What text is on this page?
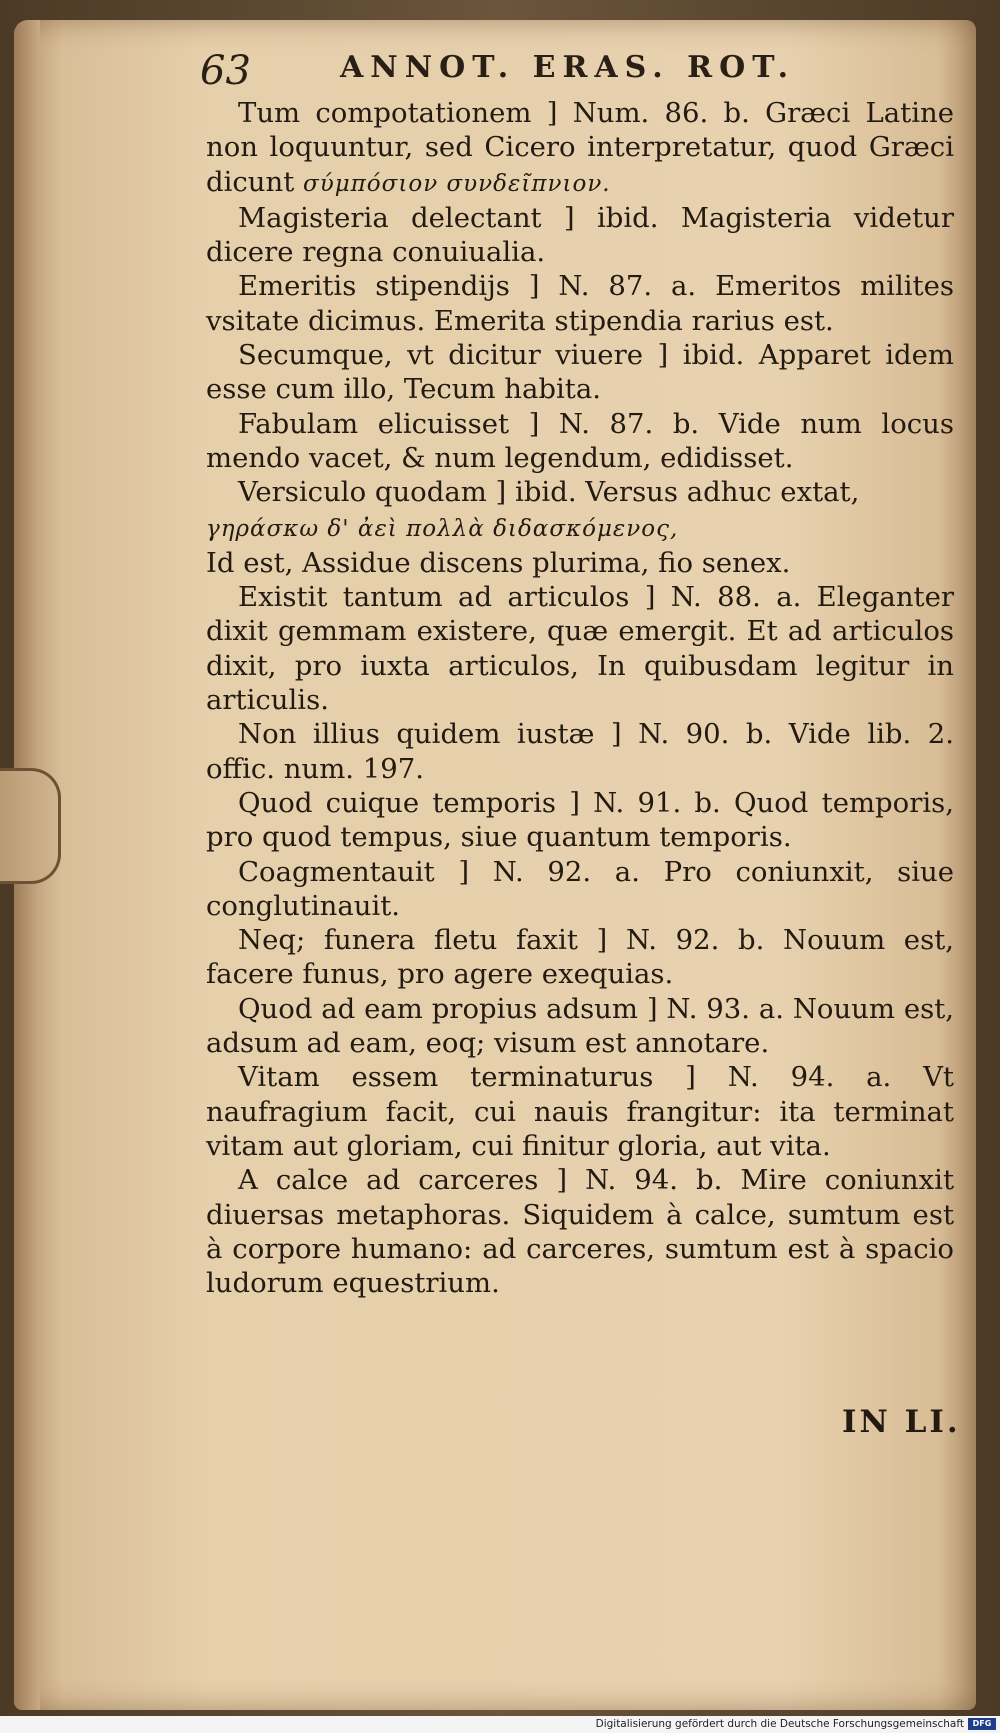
63	ANNOT. ERAS. ROT.

Tum compotationem ] Num. 86. b. Græci Latine non loquuntur, sed Cicero interpretatur, quod Græci dicunt σύμπόσιον συνδεῖπνιον.

Magisteria delectant ] ibid. Magisteria videtur dicere regna conuiualia.

Emeritis stipendijs ] N. 87. a. Emeritos milites vsitate dicimus. Emerita stipendia rarius est.

Secumque, vt dicitur viuere ] ibid. Apparet idem esse cum illo, Tecum habita.

Fabulam elicuisset ] N. 87. b. Vide num locus mendo vacet, & num legendum, edidisset.

Versiculo quodam ] ibid. Versus adhuc extat,
γηράσκω δ' ἀεὶ πολλὰ διδασκόμενος,

Id est, Assidue discens plurima, fio senex.

Existit tantum ad articulos ] N. 88. a. Eleganter dixit gemmam existere, quæ emergit. Et ad articulos dixit, pro iuxta articulos, In quibusdam legitur in articulis.

Non illius quidem iustæ ] N. 90. b. Vide lib. 2. offic. num. 197.

Quod cuique temporis ] N. 91. b. Quod temporis, pro quod tempus, siue quantum temporis.

Coagmentauit ] N. 92. a. Pro coniunxit, siue conglutinauit.

Neq; funera fletu faxit ] N. 92. b. Nouum est, facere funus, pro agere exequias.

Quod ad eam propius adsum ] N. 93. a. Nouum est, adsum ad eam, eoq; visum est annotare.

Vitam essem terminaturus ] N. 94. a. Vt naufragium facit, cui nauis frangitur: ita terminat vitam aut gloriam, cui finitur gloria, aut vita.

A calce ad carceres ] N. 94. b. Mire coniunxit diuersas metaphoras. Siquidem à calce, sumtum est à corpore humano: ad carceres, sumtum est à spacio ludorum equestrium.

IN LI.
Digitalisierung gefördert durch die Deutsche Forschungsgemeinschaft	DFG
